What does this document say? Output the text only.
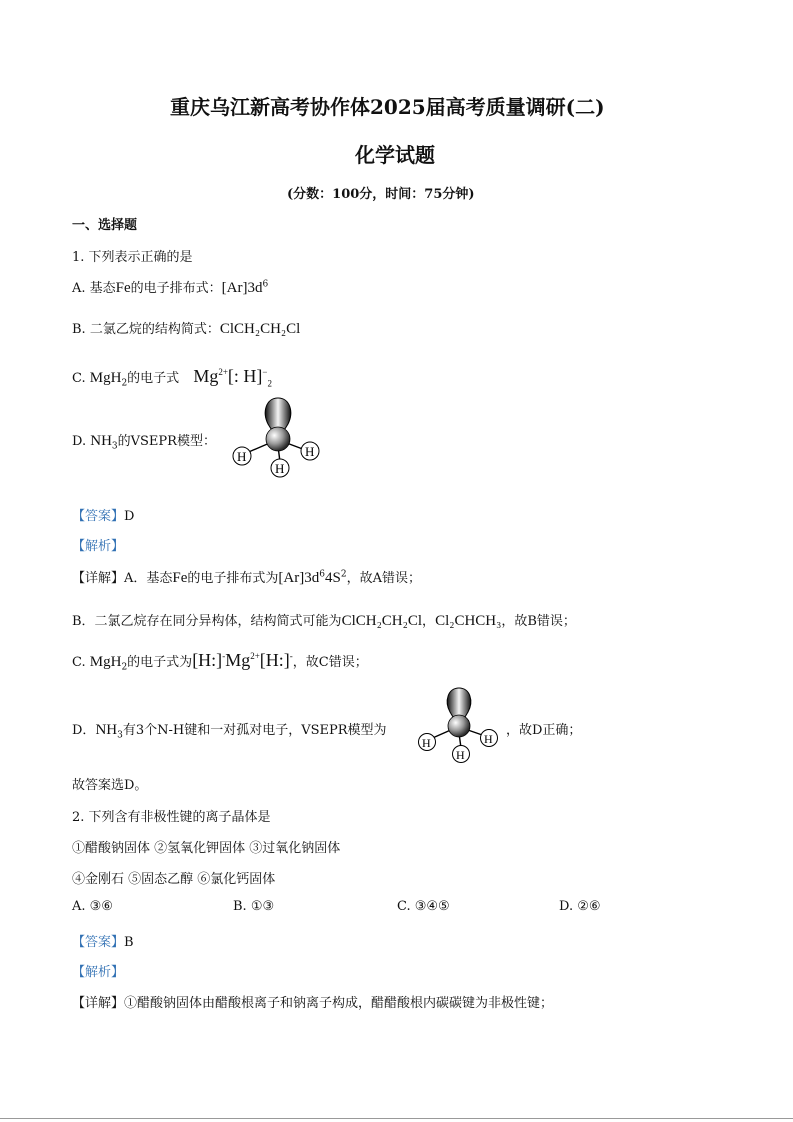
重庆乌江新高考协作体2025届高考质量调研(二)
化学试题
(分数：100分，时间：75分钟)
一、选择题
1. 下列表示正确的是
A. 基态Fe的电子排布式：$[Ar]3d^6$
B. 二氯乙烷的结构简式：ClCH₂CH₂Cl
C. MgH$_2$的电子式 $Mg^{2+}$[: $H]^-_2$
D. $NH_3$的VSEPR模型：
H	H
H
【答案】D
【解析】
【详解】A．基态Fe的电子排布式为$[Ar]3d^64S^2$，故A错误；
B．二氯乙烷存在同分异构体，结构简式可能为ClCH₂CH₂Cl，Cl₂CHCH₃，故B错误；
C. MgH$_2$的电子式为$[H:]^-Mg^{2+}[H:]^-$，故C错误；
D．$NH_3$有3个N-H键和一对孤对电子，VSEPR模型为
H	H
H
，故D正确；
故答案选D。
2. 下列含有非极性键的离子晶体是
①醋酸钠固体 ②氢氧化钾固体 ③过氧化钠固体
④金刚石 ⑤固态乙醇 ⑥氯化钙固体
A. ③⑥	B. ①③	C. ③④⑤	D. ②⑥
【答案】B
【解析】
【详解】①醋酸钠固体由醋酸根离子和钠离子构成，醋醋酸根内碳碳键为非极性键；
